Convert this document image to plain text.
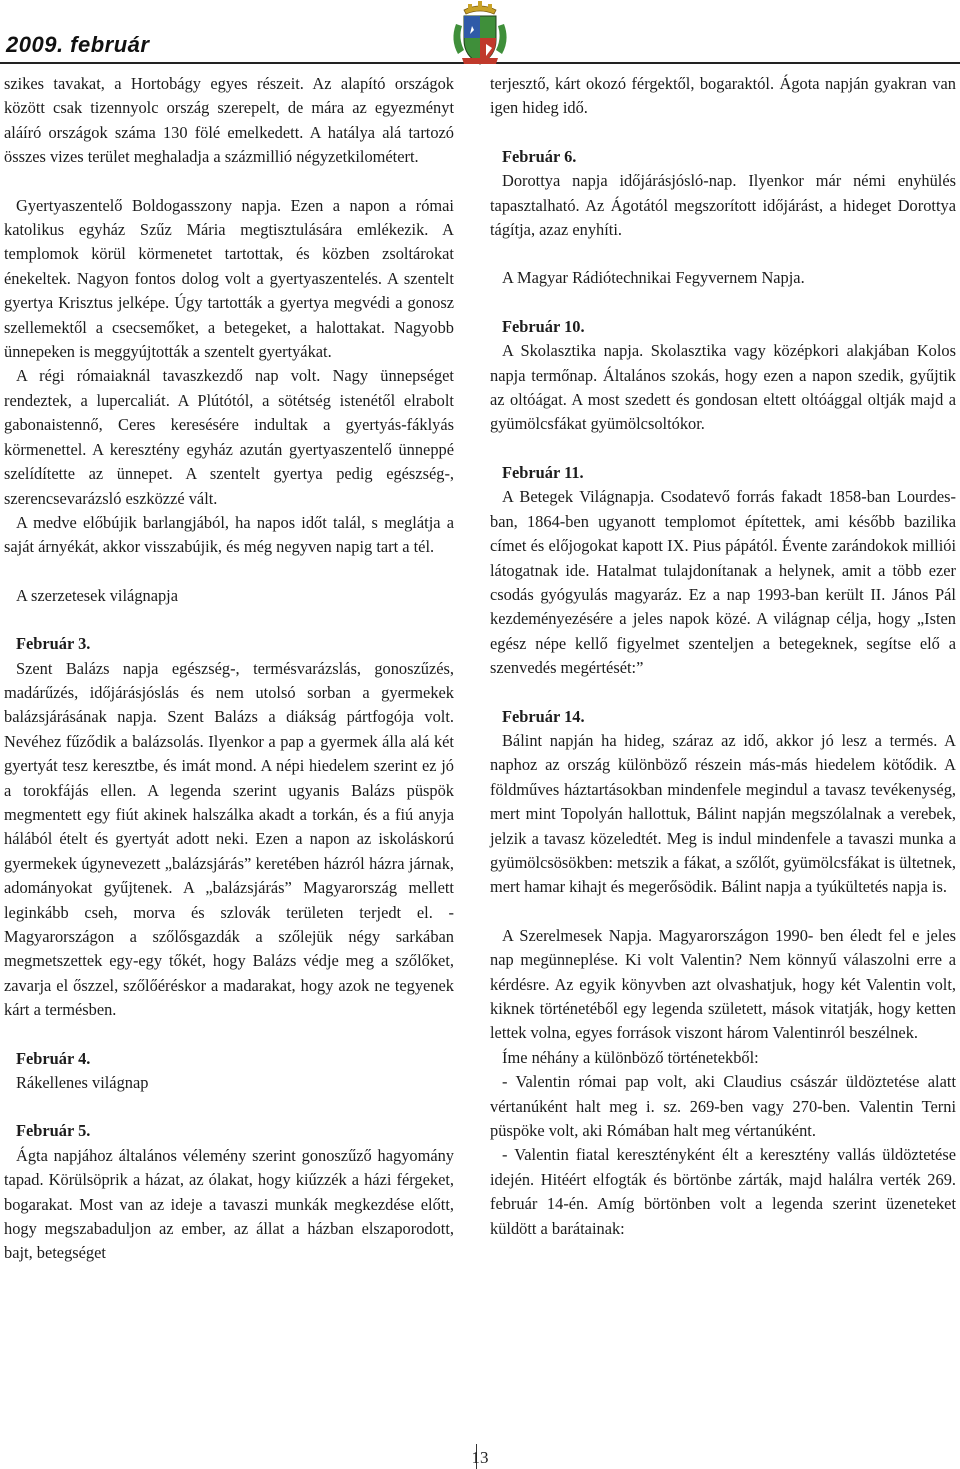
2009. február

szikes tavakat, a Hortobágy egyes részeit. Az alapító országok között csak tizennyolc ország szerepelt, de mára az egyezményt aláíró országok száma 130 fölé emelkedett. A hatálya alá tartozó összes vizes terület meghaladja a százmillió négyzetkilométert.

Gyertyaszentelő Boldogasszony napja. Ezen a napon a római katolikus egyház Szűz Mária megtisztulására emlékezik. A templomok körül körmenetet tartottak, és közben zsoltárokat énekeltek. Nagyon fontos dolog volt a gyertyaszentelés. A szentelt gyertya Krisztus jelképe. Úgy tartották a gyertya megvédi a gonosz szellemektől a csecsemőket, a betegeket, a halottakat. Nagyobb ünnepeken is meggyújtották a szentelt gyertyákat.

A régi rómaiaknál tavaszkezdő nap volt. Nagy ünnepséget rendeztek, a lupercaliát. A Plútótól, a sötétség istenétől elrabolt gabonaistennő, Ceres keresésére indultak a gyertyás-fáklyás körmenettel. A keresztény egyház azután gyertyaszentelő ünneppé szelídítette az ünnepet. A szentelt gyertya pedig egészség-, szerencsevarázsló eszközzé vált.

A medve előbújik barlangjából, ha napos időt talál, s meglátja a saját árnyékát, akkor visszabújik, és még negyven napig tart a tél.

A szerzetesek világnapja

Február 3.

Szent Balázs napja egészség-, termésvarázslás, gonoszűzés, madárűzés, időjárásjóslás és nem utolsó sorban a gyermekek balázsjárásának napja. Szent Balázs a diákság pártfogója volt. Nevéhez fűződik a balázsolás. Ilyenkor a pap a gyermek álla alá két gyertyát tesz keresztbe, és imát mond. A népi hiedelem szerint ez jó a torokfájás ellen. A legenda szerint ugyanis Balázs püspök megmentett egy fiút akinek halszálka akadt a torkán, és a fiú anyja hálából ételt és gyertyát adott neki. Ezen a napon az iskoláskorú gyermekek úgynevezett „balázsjárás” keretében házról házra járnak, adományokat gyűjtenek. A „balázsjárás” Magyarország mellett leginkább cseh, morva és szlovák területen terjedt el. - Magyarországon a szőlősgazdák a szőlejük négy sarkában megmetszettek egy-egy tőkét, hogy Balázs védje meg a szőlőket, zavarja el őszzel, szőlőéréskor a madarakat, hogy azok ne tegyenek kárt a termésben.

Február 4.

Rákellenes világnap

Február 5.

Ágta napjához általános vélemény szerint gonoszűző hagyomány tapad. Körülsöprik a házat, az ólakat, hogy kiűzzék a házi férgeket, bogarakat. Most van az ideje a tavaszi munkák megkezdése előtt, hogy megszabaduljon az ember, az állat a házban elszaporodott, bajt, betegséget

terjesztő, kárt okozó férgektől, bogaraktól. Ágota napján gyakran van igen hideg idő.

Február 6.

Dorottya napja időjárásjósló-nap. Ilyenkor már némi enyhülés tapasztalható. Az Ágotától megszorított időjárást, a hideget Dorottya tágítja, azaz enyhíti.

A Magyar Rádiótechnikai Fegyvernem Napja.

Február 10.

A Skolasztika napja. Skolasztika vagy középkori alakjában Kolos napja termőnap. Általános szokás, hogy ezen a napon szedik, gyűjtik az oltóágat. A most szedett és gondosan eltett oltóággal oltják majd a gyümölcsfákat gyümölcsoltókor.

Február 11.

A Betegek Világnapja. Csodatevő forrás fakadt 1858-ban Lourdes-ban, 1864-ben ugyanott templomot építettek, ami később bazilika címet és előjogokat kapott IX. Pius pápától. Évente zarándokok milliói látogatnak ide. Hatalmat tulajdonítanak a helynek, amit a több ezer csodás gyógyulás magyaráz. Ez a nap 1993-ban került II. János Pál kezdeményezésére a jeles napok közé. A világnap célja, hogy „Isten egész népe kellő figyelmet szenteljen a betegeknek, segítse elő a szenvedés megértését:”

Február 14.

Bálint napján ha hideg, száraz az idő, akkor jó lesz a termés. A naphoz az ország különböző részein más-más hiedelem kötődik. A földműves háztartásokban mindenfele megindul a tavasz tevékenység, mert mint Topolyán hallottuk, Bálint napján megszólalnak a verebek, jelzik a tavasz közeledtét. Meg is indul mindenfele a tavaszi munka a gyümölcsösökben: metszik a fákat, a szőlőt, gyümölcsfákat is ültetnek, mert hamar kihajt és megerősödik. Bálint napja a tyúkültetés napja is.

A Szerelmesek Napja. Magyarországon 1990- ben éledt fel e jeles nap megünneplése. Ki volt Valentin? Nem könnyű válaszolni erre a kérdésre. Az egyik könyvben azt olvashatjuk, hogy két Valentin volt, kiknek történetéből egy legenda született, mások vitatják, hogy ketten lettek volna, egyes források viszont három Valentinról beszélnek.

Íme néhány a különböző történetekből:

- Valentin római pap volt, aki Claudius császár üldöztetése alatt vértanúként halt meg i. sz. 269-ben vagy 270-ben. Valentin Terni püspöke volt, aki Rómában halt meg vértanúként.

- Valentin fiatal keresztényként élt a keresztény vallás üldöztetése idején. Hitéért elfogták és börtönbe zárták, majd halálra verték 269. február 14-én. Amíg börtönben volt a legenda szerint üzeneteket küldött a barátainak:

13
